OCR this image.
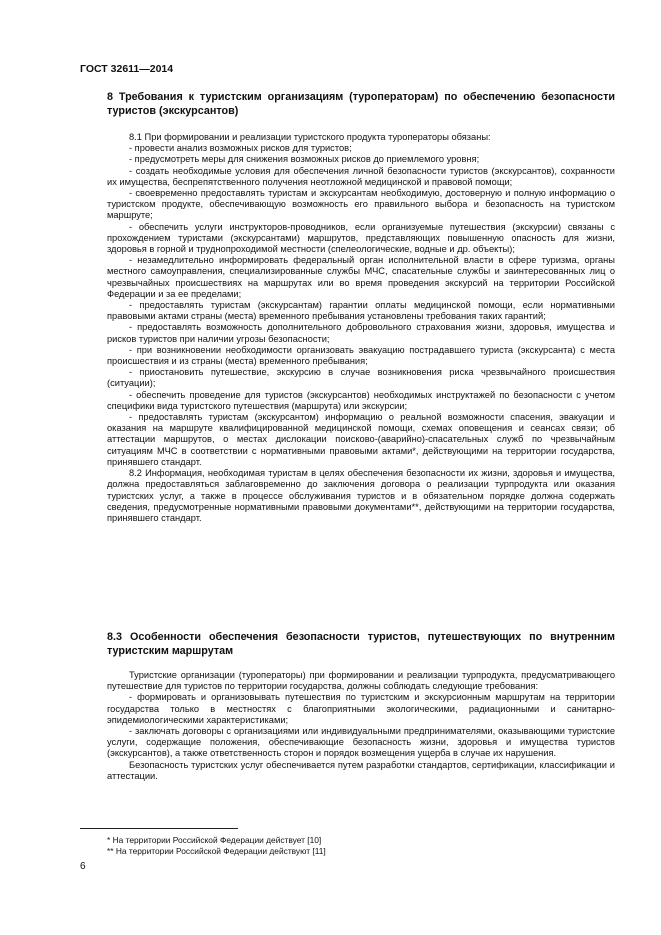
ГОСТ 32611—2014
8 Требования к туристским организациям (туроператорам) по обеспечению безопасности туристов (экскурсантов)

8.1 При формировании и реализации туристского продукта туроператоры обязаны:

- провести анализ возможных рисков для туристов;

- предусмотреть меры для снижения возможных рисков до приемлемого уровня;

- создать необходимые условия для обеспечения личной безопасности туристов (экскурсантов), сохранности их имущества, беспрепятственного получения неотложной медицинской и правовой помощи;

- своевременно предоставлять туристам и экскурсантам необходимую, достоверную и полную информацию о туристском продукте, обеспечивающую возможность его правильного выбора и безопасность на туристском маршруте;

- обеспечить услуги инструкторов-проводников, если организуемые путешествия (экскурсии) связаны с прохождением туристами (экскурсантами) маршрутов, представляющих повышенную опасность для жизни, здоровья в горной и труднопроходимой местности (спелеологические, водные и др. объекты);

- незамедлительно информировать федеральный орган исполнительной власти в сфере туризма, органы местного самоуправления, специализированные службы МЧС, спасательные службы и заинтересованных лиц о чрезвычайных происшествиях на маршрутах или во время проведения экскурсий на территории Российской Федерации и за ее пределами;

- предоставлять туристам (экскурсантам) гарантии оплаты медицинской помощи, если нормативными правовыми актами страны (места) временного пребывания установлены требования таких гарантий;

- предоставлять возможность дополнительного добровольного страхования жизни, здоровья, имущества и рисков туристов при наличии угрозы безопасности;

- при возникновении необходимости организовать эвакуацию пострадавшего туриста (экскурсанта) с места происшествия и из страны (места) временного пребывания;

- приостановить путешествие, экскурсию в случае возникновения риска чрезвычайного происшествия (ситуации);

- обеспечить проведение для туристов (экскурсантов) необходимых инструктажей по безопасности с учетом специфики вида туристского путешествия (маршрута) или экскурсии;

- предоставлять туристам (экскурсантом) информацию о реальной возможности спасения, эвакуации и оказания на маршруте квалифицированной медицинской помощи, схемах оповещения и сеансах связи; об аттестации маршрутов, о местах дислокации поисково-(аварийно)-спасательных служб по чрезвычайным ситуациям МЧС в соответствии с нормативными правовыми актами*, действующими на территории государства, принявшего стандарт.

8.2 Информация, необходимая туристам в целях обеспечения безопасности их жизни, здоровья и имущества, должна предоставляться заблаговременно до заключения договора о реализации турпродукта или оказания туристских услуг, а также в процессе обслуживания туристов и в обязательном порядке должна содержать сведения, предусмотренные нормативными правовыми документами**, действующими на территории государства, принявшего стандарт.

8.3 Особенности обеспечения безопасности туристов, путешествующих по внутренним туристским маршрутам

Туристские организации (туроператоры) при формировании и реализации турпродукта, предусматривающего путешествие для туристов по территории государства, должны соблюдать следующие требования:

- формировать и организовывать путешествия по туристским и экскурсионным маршрутам на территории государства только в местностях с благоприятными экологическими, радиационными и санитарно-эпидемиологическими характеристиками;

- заключать договоры с организациями или индивидуальными предпринимателями, оказывающими туристские услуги, содержащие положения, обеспечивающие безопасность жизни, здоровья и имущества туристов (экскурсантов), а также ответственность сторон и порядок возмещения ущерба в случае их нарушения.

Безопасность туристских услуг обеспечивается путем разработки стандартов, сертификации, классификации и аттестации.

* На территории Российской Федерации действует [10]
** На территории Российской Федерации действуют [11]
6
